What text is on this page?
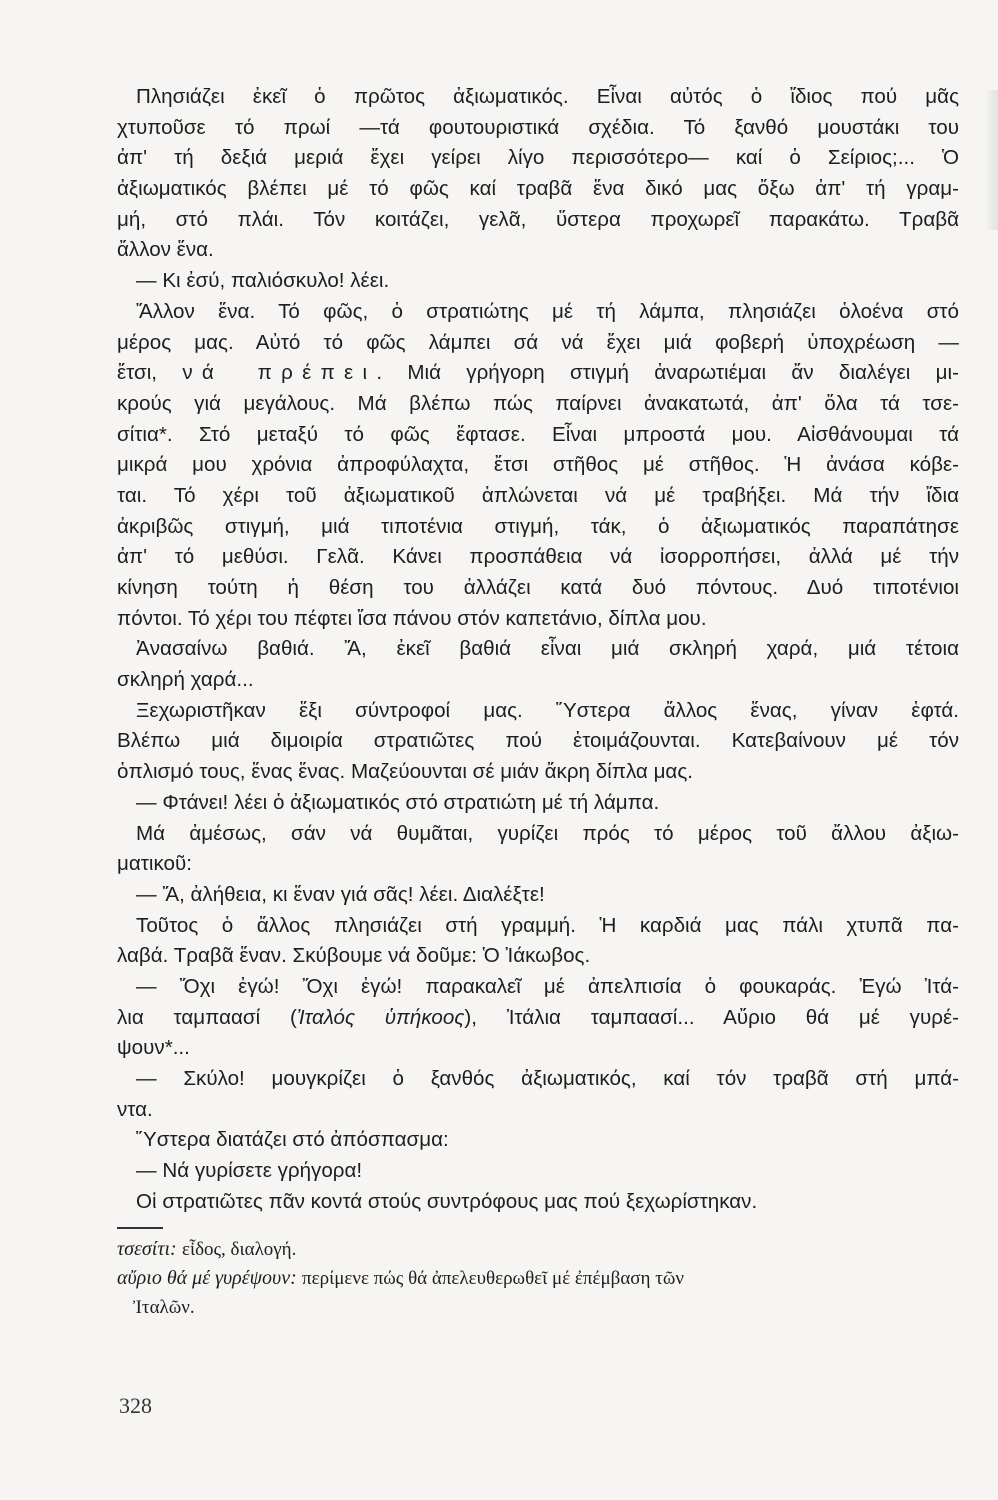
Πλησιάζει ἐκεῖ ὁ πρῶτος ἀξιωματικός. Εἶναι αὐτός ὁ ἴδιος πού μᾶς
χτυποῦσε τό πρωί —τά φουτουριστικά σχέδια. Τό ξανθό μουστάκι του
ἀπ' τή δεξιά μεριά ἔχει γείρει λίγο περισσότερο— καί ὁ Σείριος;... Ὁ
ἀξιωματικός βλέπει μέ τό φῶς καί τραβᾶ ἕνα δικό μας ὄξω ἀπ' τή γραμ-
μή, στό πλάι. Τόν κοιτάζει, γελᾶ, ὕστερα προχωρεῖ παρακάτω. Τραβᾶ
ἄλλον ἕνα.
— Κι ἐσύ, παλιόσκυλο! λέει.
Ἄλλον ἕνα. Τό φῶς, ὁ στρατιώτης μέ τή λάμπα, πλησιάζει ὁλοένα στό
μέρος μας. Αὐτό τό φῶς λάμπει σά νά ἔχει μιά φοβερή ὑποχρέωση —
ἔτσι, νά πρέπει. Μιά γρήγορη στιγμή ἀναρωτιέμαι ἄν διαλέγει μι-
κρούς γιά μεγάλους. Μά βλέπω πώς παίρνει ἀνακατωτά, ἀπ' ὅλα τά τσε-
σίτια*. Στό μεταξύ τό φῶς ἔφτασε. Εἶναι μπροστά μου. Αἰσθάνουμαι τά
μικρά μου χρόνια ἀπροφύλαχτα, ἔτσι στῆθος μέ στῆθος. Ἡ ἀνάσα κόβε-
ται. Τό χέρι τοῦ ἀξιωματικοῦ ἁπλώνεται νά μέ τραβήξει. Μά τήν ἴδια
ἀκριβῶς στιγμή, μιά τιποτένια στιγμή, τάκ, ὁ ἀξιωματικός παραπάτησε
ἀπ' τό μεθύσι. Γελᾶ. Κάνει προσπάθεια νά ἰσορροπήσει, ἀλλά μέ τήν
κίνηση τούτη ἡ θέση του ἀλλάζει κατά δυό πόντους. Δυό τιποτένιοι
πόντοι. Τό χέρι του πέφτει ἴσα πάνου στόν καπετάνιο, δίπλα μου.
Ἀνασαίνω βαθιά. Ἄ, ἐκεῖ βαθιά εἶναι μιά σκληρή χαρά, μιά τέτοια
σκληρή χαρά...
Ξεχωριστῆκαν ἕξι σύντροφοί μας. Ὕστερα ἄλλος ἕνας, γίναν ἑφτά.
Βλέπω μιά διμοιρία στρατιῶτες πού ἑτοιμάζουνται. Κατεβαίνουν μέ τόν
ὁπλισμό τους, ἕνας ἕνας. Μαζεύουνται σέ μιάν ἄκρη δίπλα μας.
— Φτάνει! λέει ὁ ἀξιωματικός στό στρατιώτη μέ τή λάμπα.
Μά ἀμέσως, σάν νά θυμᾶται, γυρίζει πρός τό μέρος τοῦ ἄλλου ἀξιω-
ματικοῦ:
— Ἄ, ἀλήθεια, κι ἕναν γιά σᾶς! λέει. Διαλέξτε!
Τοῦτος ὁ ἄλλος πλησιάζει στή γραμμή. Ἡ καρδιά μας πάλι χτυπᾶ πα-
λαβά. Τραβᾶ ἕναν. Σκύβουμε νά δοῦμε: Ὁ Ἰάκωβος.
— Ὄχι ἐγώ! Ὄχι ἐγώ! παρακαλεῖ μέ ἀπελπισία ὁ φουκαράς. Ἐγώ Ἰτά-
λια ταμπαασί (Ἰταλός ὑπήκοος), Ἰτάλια ταμπαασί... Αὔριο θά μέ γυρέ-
ψουν*...
— Σκύλο! μουγκρίζει ὁ ξανθός ἀξιωματικός, καί τόν τραβᾶ στή μπά-
ντα.
Ὕστερα διατάζει στό ἀπόσπασμα:
— Νά γυρίσετε γρήγορα!
Οἱ στρατιῶτες πᾶν κοντά στούς συντρόφους μας πού ξεχωρίστηκαν.
τσεσίτι: εἶδος, διαλογή.
αὔριο θά μέ γυρέψουν: περίμενε πώς θά ἀπελευθερωθεῖ μέ ἐπέμβαση τῶν
Ἰταλῶν.
328
